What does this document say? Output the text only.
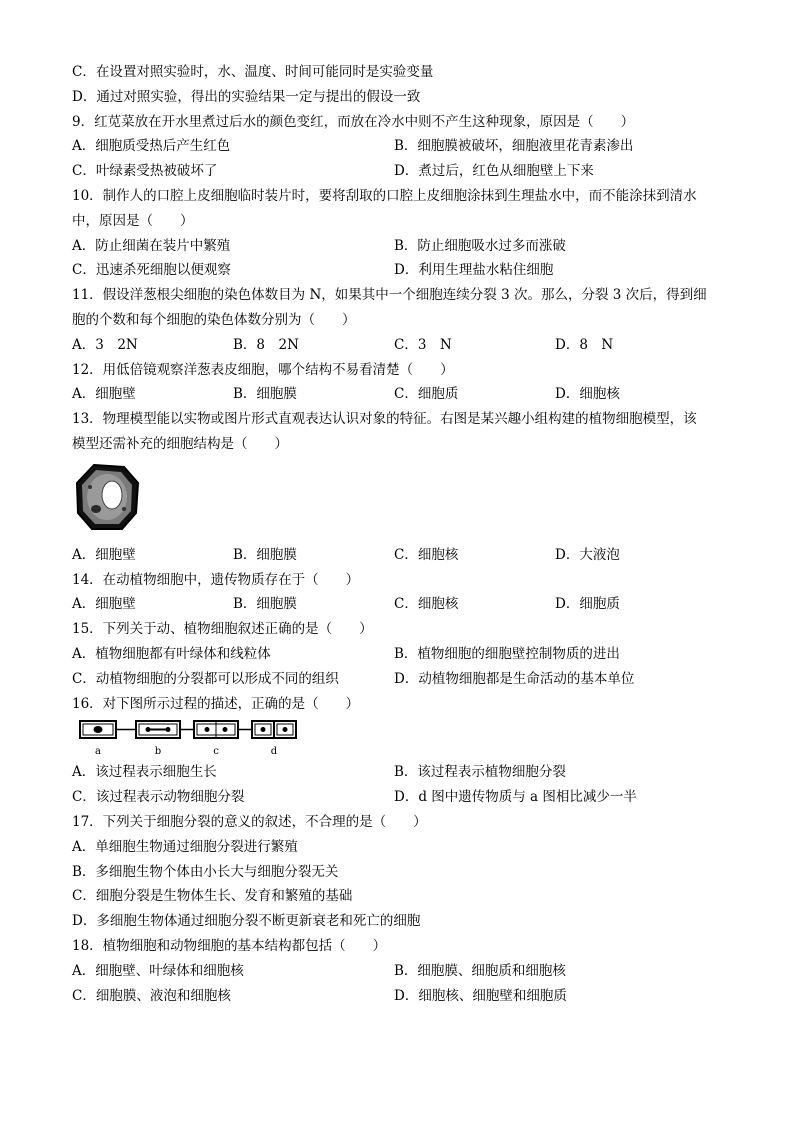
C．在设置对照实验时，水、温度、时间可能同时是实验变量
D．通过对照实验，得出的实验结果一定与提出的假设一致
9．红苋菜放在开水里煮过后水的颜色变红，而放在冷水中则不产生这种现象，原因是（　　）
A．细胞质受热后产生红色	B．细胞膜被破坏，细胞液里花青素渗出
C．叶绿素受热被破坏了	D．煮过后，红色从细胞壁上下来
10．制作人的口腔上皮细胞临时装片时，要将刮取的口腔上皮细胞涂抹到生理盐水中，而不能涂抹到清水
中，原因是（　　）
A．防止细菌在装片中繁殖	B．防止细胞吸水过多而涨破
C．迅速杀死细胞以便观察	D．利用生理盐水粘住细胞
11．假设洋葱根尖细胞的染色体数目为 N，如果其中一个细胞连续分裂 3 次。那么，分裂 3 次后，得到细
胞的个数和每个细胞的染色体数分别为（　　）
A．3　2N	B．8　2N	C．3　N	D．8　N
12．用低倍镜观察洋葱表皮细胞，哪个结构不易看清楚（　　）
A．细胞壁	B．细胞膜	C．细胞质	D．细胞核
13．物理模型能以实物或图片形式直观表达认识对象的特征。右图是某兴趣小组构建的植物细胞模型，该
模型还需补充的细胞结构是（　　）
A．细胞壁	B．细胞膜	C．细胞核	D．大液泡
14．在动植物细胞中，遗传物质存在于（　　）
A．细胞壁	B．细胞膜	C．细胞核	D．细胞质
15．下列关于动、植物细胞叙述正确的是（　　）
A．植物细胞都有叶绿体和线粒体	B．植物细胞的细胞壁控制物质的进出
C．动植物细胞的分裂都可以形成不同的组织	D．动植物细胞都是生命活动的基本单位
16．对下图所示过程的描述，正确的是（　　）
a	b	c	d
A．该过程表示细胞生长	B．该过程表示植物细胞分裂
C．该过程表示动物细胞分裂	D．d 图中遗传物质与 a 图相比减少一半
17．下列关于细胞分裂的意义的叙述，不合理的是（　　）
A．单细胞生物通过细胞分裂进行繁殖
B．多细胞生物个体由小长大与细胞分裂无关
C．细胞分裂是生物体生长、发育和繁殖的基础
D．多细胞生物体通过细胞分裂不断更新衰老和死亡的细胞
18．植物细胞和动物细胞的基本结构都包括（　　）
A．细胞壁、叶绿体和细胞核	B．细胞膜、细胞质和细胞核
C．细胞膜、液泡和细胞核	D．细胞核、细胞壁和细胞质
